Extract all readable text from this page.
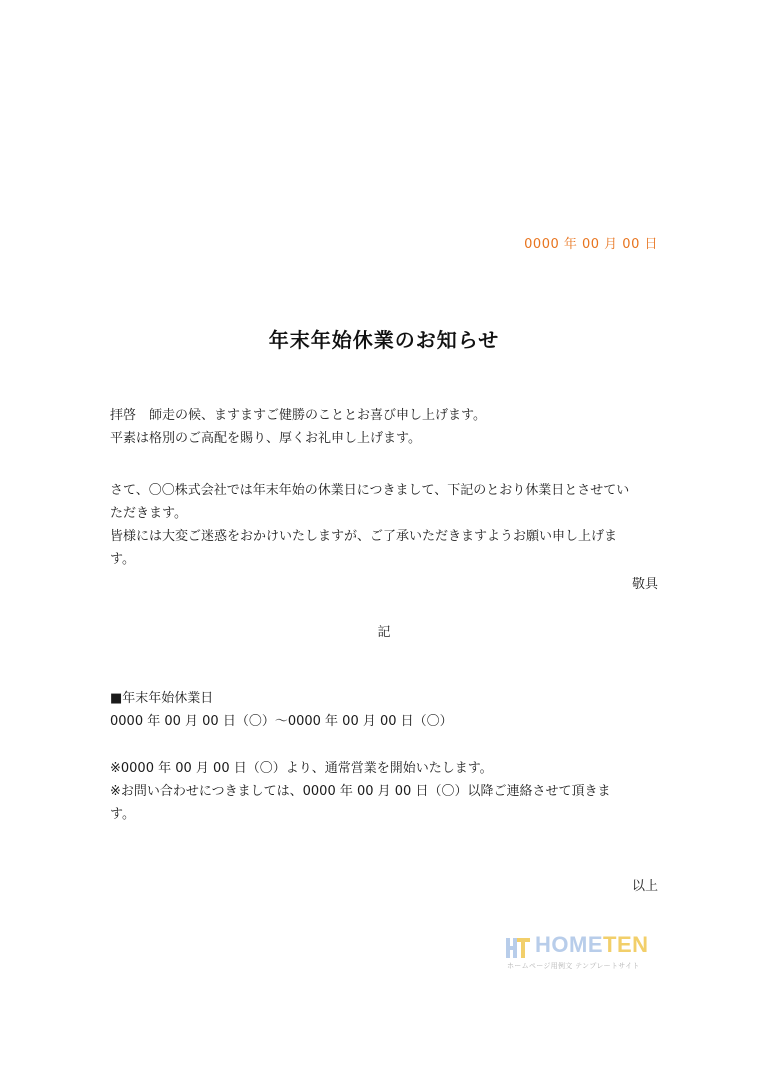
0000 年 00 月 00 日
年末年始休業のお知らせ
拝啓　師走の候、ますますご健勝のこととお喜び申し上げます。
平素は格別のご高配を賜り、厚くお礼申し上げます。
さて、〇〇株式会社では年末年始の休業日につきまして、下記のとおり休業日とさせてい
ただきます。
皆様には大変ご迷惑をおかけいたしますが、ご了承いただきますようお願い申し上げま
す。
敬具
記
■年末年始休業日
0000 年 00 月 00 日（〇）〜0000 年 00 月 00 日（〇）
※0000 年 00 月 00 日（〇）より、通常営業を開始いたします。
※お問い合わせにつきましては、0000 年 00 月 00 日（〇）以降ご連絡させて頂きま
す。
以上
HOMETEN
ホームページ用例文 テンプレートサイト
